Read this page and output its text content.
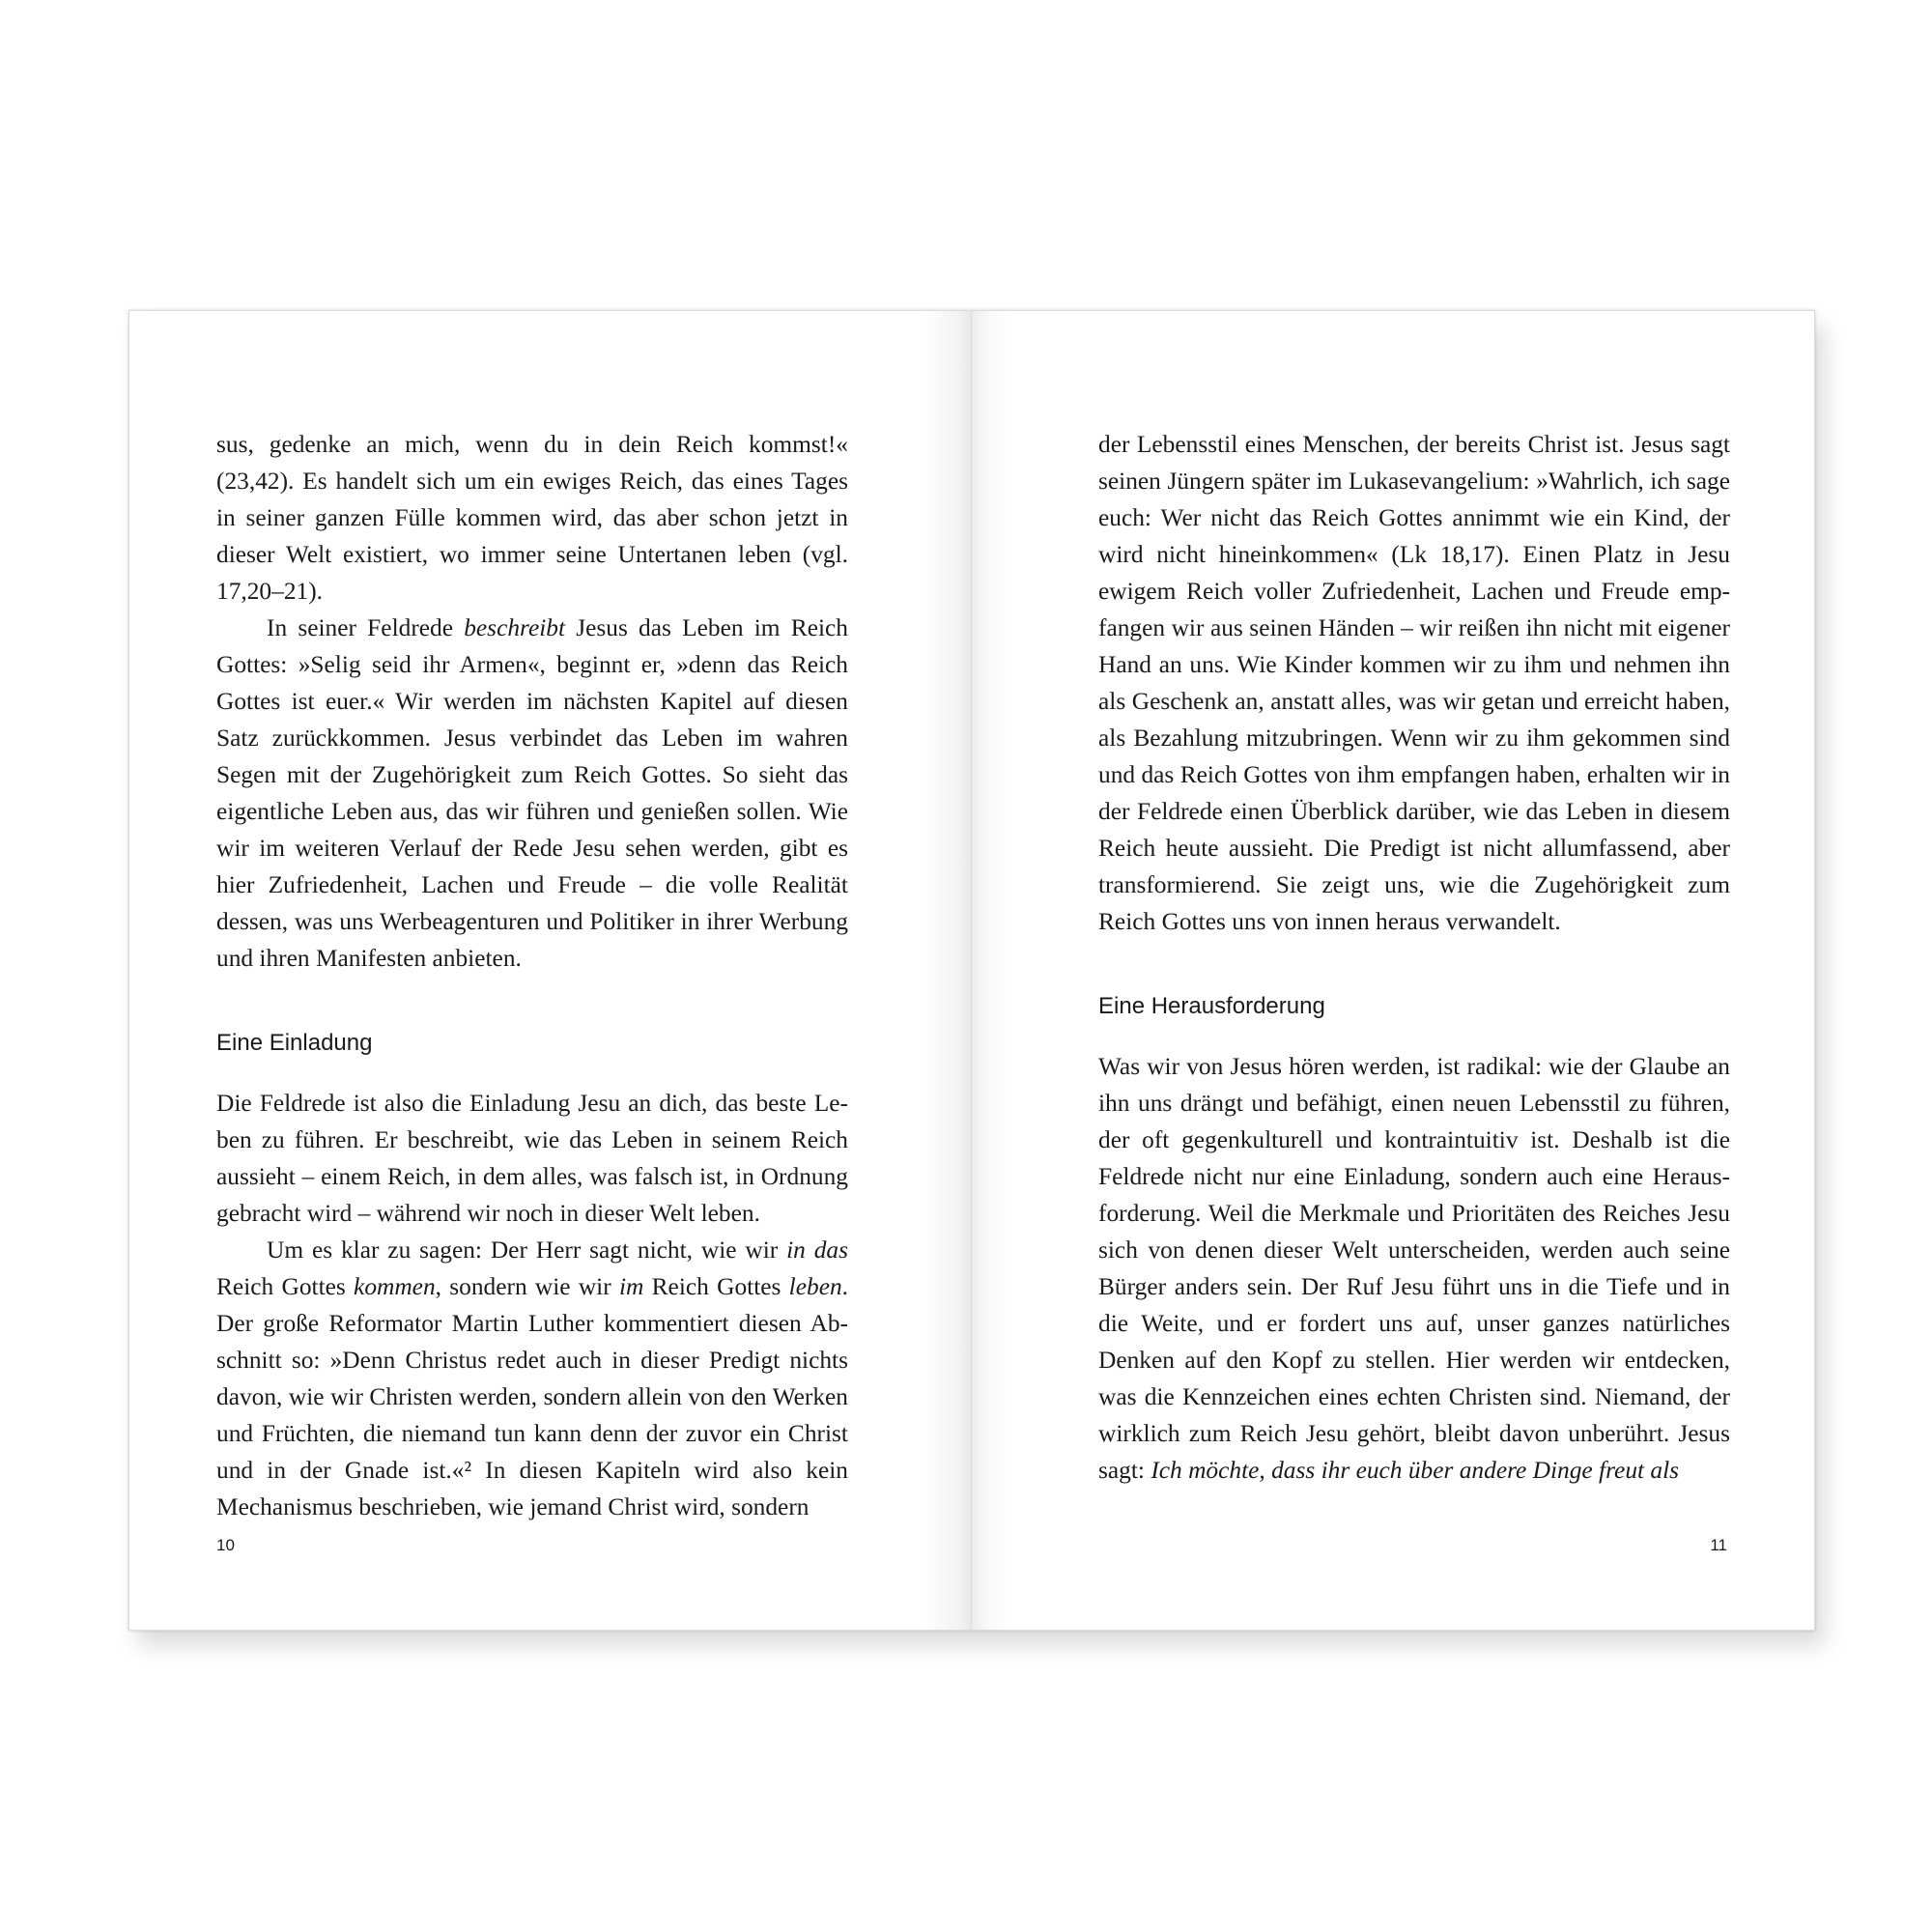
sus, gedenke an mich, wenn du in dein Reich kommst!« (23,42). Es handelt sich um ein ewiges Reich, das eines Tages in seiner ganzen Fülle kommen wird, das aber schon jetzt in dieser Welt existiert, wo immer seine Untertanen leben (vgl. 17,20–21).

In seiner Feldrede beschreibt Jesus das Leben im Reich Gottes: »Selig seid ihr Armen«, beginnt er, »denn das Reich Gottes ist euer.« Wir werden im nächsten Kapitel auf diesen Satz zurückkommen. Jesus verbindet das Leben im wahren Segen mit der Zugehörigkeit zum Reich Gottes. So sieht das eigentliche Leben aus, das wir führen und genießen sollen. Wie wir im weiteren Verlauf der Rede Jesu sehen werden, gibt es hier Zufriedenheit, Lachen und Freude – die volle Realität dessen, was uns Werbeagenturen und Politiker in ihrer Werbung und ihren Manifesten anbieten.

Eine Einladung

Die Feldrede ist also die Einladung Jesu an dich, das beste Leben zu führen. Er beschreibt, wie das Leben in seinem Reich aussieht – einem Reich, in dem alles, was falsch ist, in Ordnung gebracht wird – während wir noch in dieser Welt leben.

Um es klar zu sagen: Der Herr sagt nicht, wie wir in das Reich Gottes kommen, sondern wie wir im Reich Gottes leben. Der große Reformator Martin Luther kommentiert diesen Abschnitt so: »Denn Christus redet auch in dieser Predigt nichts davon, wie wir Christen werden, sondern allein von den Werken und Früchten, die niemand tun kann denn der zuvor ein Christ und in der Gnade ist.«² In diesen Kapiteln wird also kein Mechanismus beschrieben, wie jemand Christ wird, sondern

10

der Lebensstil eines Menschen, der bereits Christ ist. Jesus sagt seinen Jüngern später im Lukasevangelium: »Wahrlich, ich sage euch: Wer nicht das Reich Gottes annimmt wie ein Kind, der wird nicht hineinkommen« (Lk 18,17). Einen Platz in Jesu ewigem Reich voller Zufriedenheit, Lachen und Freude empfangen wir aus seinen Händen – wir reißen ihn nicht mit eigener Hand an uns. Wie Kinder kommen wir zu ihm und nehmen ihn als Geschenk an, anstatt alles, was wir getan und erreicht haben, als Bezahlung mitzubringen. Wenn wir zu ihm gekommen sind und das Reich Gottes von ihm empfangen haben, erhalten wir in der Feldrede einen Überblick darüber, wie das Leben in diesem Reich heute aussieht. Die Predigt ist nicht allumfassend, aber transformierend. Sie zeigt uns, wie die Zugehörigkeit zum Reich Gottes uns von innen heraus verwandelt.

Eine Herausforderung

Was wir von Jesus hören werden, ist radikal: wie der Glaube an ihn uns drängt und befähigt, einen neuen Lebensstil zu führen, der oft gegenkulturell und kontraintuitiv ist. Deshalb ist die Feldrede nicht nur eine Einladung, sondern auch eine Herausforderung. Weil die Merkmale und Prioritäten des Reiches Jesu sich von denen dieser Welt unterscheiden, werden auch seine Bürger anders sein. Der Ruf Jesu führt uns in die Tiefe und in die Weite, und er fordert uns auf, unser ganzes natürliches Denken auf den Kopf zu stellen. Hier werden wir entdecken, was die Kennzeichen eines echten Christen sind. Niemand, der wirklich zum Reich Jesu gehört, bleibt davon unberührt. Jesus sagt: Ich möchte, dass ihr euch über andere Dinge freut als

11
